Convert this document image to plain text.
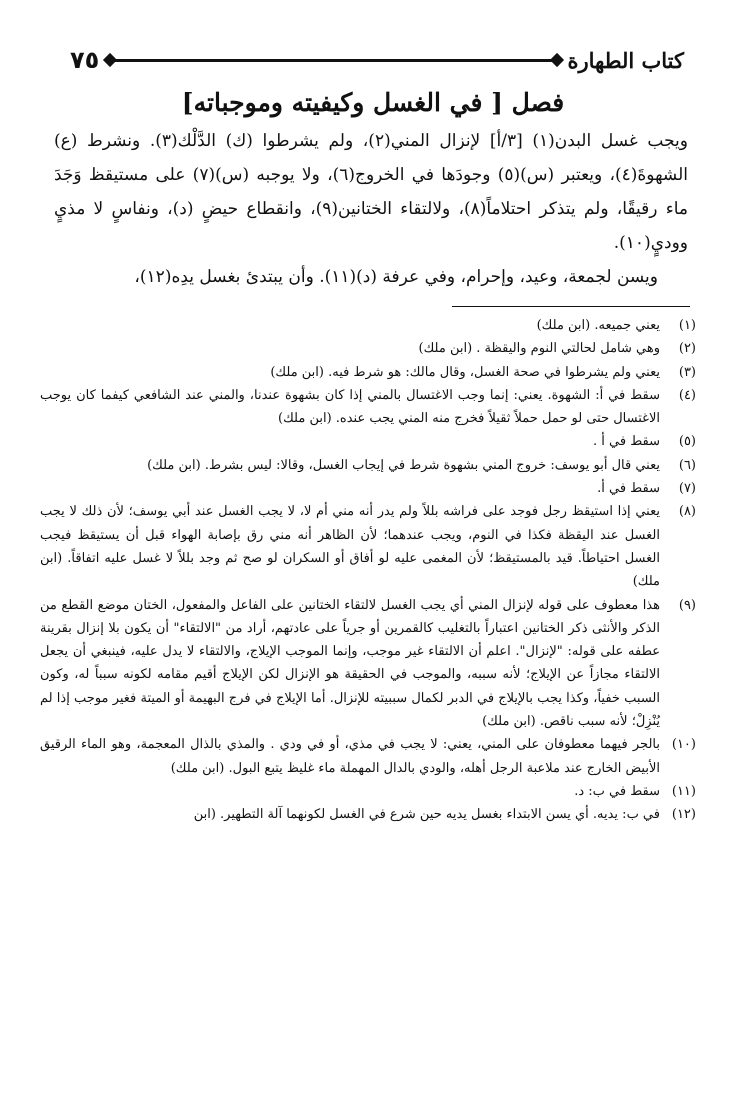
كتاب الطهارة
٧٥
فصل [ في الغسل وكيفيته وموجباته]

ويجب غسل البدن(١) [٣/أ] لإنزال المني(٢)، ولم يشرطوا (ك) الدَّلْك(٣). ونشرط (ع) الشهوةَ(٤)، ويعتبر (س)(٥) وجودَها في الخروج(٦)، ولا يوجبه (س)(٧) على مستيقظ وَجَدَ ماء رقيقًا، ولم يتذكر احتلاماً(٨)، ولالتقاء الختانين(٩)، وانقطاع حيضٍ (د)، ونفاسٍ لا مذيٍ ووديٍ(١٠).

ويسن لجمعة، وعيد، وإحرام، وفي عرفة (د)(١١). وأن يبتدئ بغسل يدِه(١٢)،

(١)
يعني جميعه. (ابن ملك)
(٢)
وهي شامل لحالتي النوم واليقظة . (ابن ملك)
(٣)
يعني ولم يشرطوا في صحة الغسل، وقال مالك: هو شرط فيه. (ابن ملك)
(٤)
سقط في أ: الشهوة. يعني: إنما وجب الاغتسال بالمني إذا كان بشهوة عندنا، والمني عند الشافعي كيفما كان يوجب الاغتسال حتى لو حمل حملاً ثقيلاً فخرج منه المني يجب عنده. (ابن ملك)
(٥)
سقط في أ .
(٦)
يعني قال أبو يوسف: خروج المني بشهوة شرط في إيجاب الغسل، وقالا: ليس بشرط. (ابن ملك)
(٧)
سقط في أ.
(٨)
يعني إذا استيقظ رجل فوجد على فراشه بللاً ولم يدر أنه مني أم لا، لا يجب الغسل عند أبي يوسف؛ لأن ذلك لا يجب الغسل عند اليقظة فكذا في النوم، ويجب عندهما؛ لأن الظاهر أنه مني رق بإصابة الهواء قبل أن يستيقظ فيجب الغسل احتياطاً. قيد بالمستيقظ؛ لأن المغمى عليه لو أفاق أو السكران لو صح ثم وجد بللاً لا غسل عليه اتفاقاً. (ابن ملك)
(٩)
هذا معطوف على قوله لإنزال المني أي يجب الغسل لالتقاء الختانين على الفاعل والمفعول، الختان موضع القطع من الذكر والأنثى ذكر الختانين اعتباراً بالتغليب كالقمرين أو جرياً على عادتهم، أراد من "الالتقاء" أن يكون بلا إنزال بقرينة عطفه على قوله: "لإنزال". اعلم أن الالتقاء غير موجب، وإنما الموجب الإيلاج، والالتقاء لا يدل عليه، فينبغي أن يجعل الالتقاء مجازاً عن الإيلاج؛ لأنه سببه، والموجب في الحقيقة هو الإنزال لكن الإيلاج أقيم مقامه لكونه سبباً له، وكون السبب خفياً، وكذا يجب بالإيلاج في الدبر لكمال سببيته للإنزال. أما الإيلاج في فرج البهيمة أو الميتة فغير موجب إذا لم يُنْزِلْ؛ لأنه سبب ناقص. (ابن ملك)
(١٠)
بالجر فيهما معطوفان على المني، يعني: لا يجب في مذي، أو في ودي . والمذي بالذال المعجمة، وهو الماء الرقيق الأبيض الخارج عند ملاعبة الرجل أهله، والودي بالدال المهملة ماء غليظ يتبع البول. (ابن ملك)
(١١)
سقط في ب: د.
(١٢)
في ب: يديه. أي يسن الابتداء بغسل يديه حين شرع في الغسل لكونهما آلة التطهير. (ابن
